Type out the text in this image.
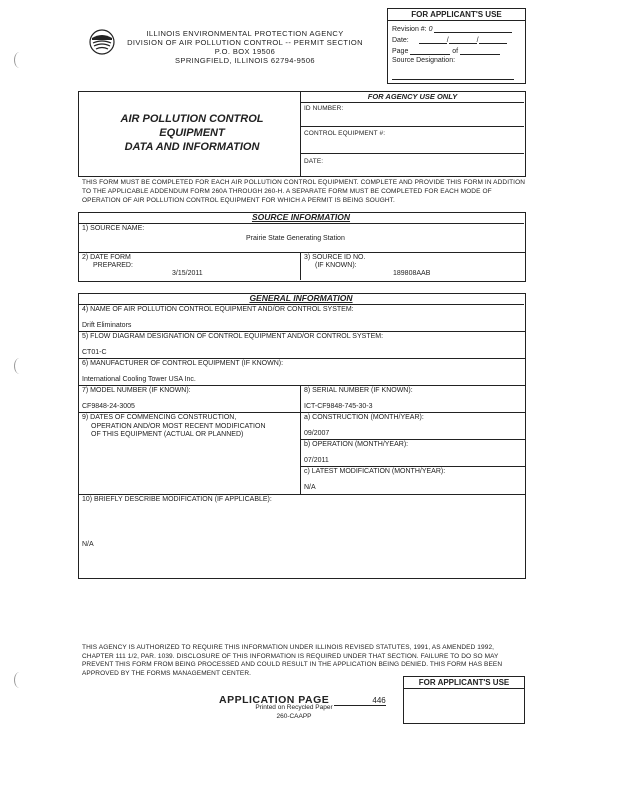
ILLINOIS ENVIRONMENTAL PROTECTION AGENCY
DIVISION OF AIR POLLUTION CONTROL -- PERMIT SECTION
P.O. BOX 19506
SPRINGFIELD, ILLINOIS 62794-9506
FOR APPLICANT'S USE
Revision #: 0
Date:	/	/
Page	of
Source Designation:
AIR POLLUTION CONTROL
EQUIPMENT
DATA AND INFORMATION
FOR AGENCY USE ONLY
ID NUMBER:
CONTROL EQUIPMENT #:
DATE:
THIS FORM MUST BE COMPLETED FOR EACH AIR POLLUTION CONTROL EQUIPMENT. COMPLETE AND PROVIDE THIS FORM IN ADDITION TO THE APPLICABLE ADDENDUM FORM 260A THROUGH 260-H. A SEPARATE FORM MUST BE COMPLETED FOR EACH MODE OF OPERATION OF AIR POLLUTION CONTROL EQUIPMENT FOR WHICH A PERMIT IS BEING SOUGHT.
SOURCE INFORMATION
1) SOURCE NAME:
Prairie State Generating Station
2) DATE FORM
PREPARED:
3/15/2011
3) SOURCE ID NO.
(IF KNOWN):
189808AAB
GENERAL INFORMATION
4) NAME OF AIR POLLUTION CONTROL EQUIPMENT AND/OR CONTROL SYSTEM:
Drift Eliminators
5) FLOW DIAGRAM DESIGNATION OF CONTROL EQUIPMENT AND/OR CONTROL SYSTEM:
CT01-C
6) MANUFACTURER OF CONTROL EQUIPMENT (IF KNOWN):
International Cooling Tower USA Inc.
7) MODEL NUMBER (IF KNOWN):
CF9848-24-3005
8) SERIAL NUMBER (IF KNOWN):
ICT-CF9848-745-30-3
9) DATES OF COMMENCING CONSTRUCTION,
OPERATION AND/OR MOST RECENT MODIFICATION
OF THIS EQUIPMENT (ACTUAL OR PLANNED)
a) CONSTRUCTION (MONTH/YEAR):
09/2007
b) OPERATION (MONTH/YEAR):
07/2011
c) LATEST MODIFICATION (MONTH/YEAR):
N/A
10) BRIEFLY DESCRIBE MODIFICATION (IF APPLICABLE):
N/A
THIS AGENCY IS AUTHORIZED TO REQUIRE THIS INFORMATION UNDER ILLINOIS REVISED STATUTES, 1991, AS AMENDED 1992, CHAPTER 111 1/2, PAR. 1039. DISCLOSURE OF THIS INFORMATION IS REQUIRED UNDER THAT SECTION. FAILURE TO DO SO MAY PREVENT THIS FORM FROM BEING PROCESSED AND COULD RESULT IN THE APPLICATION BEING DENIED. THIS FORM HAS BEEN APPROVED BY THE FORMS MANAGEMENT CENTER.
FOR APPLICANT'S USE
APPLICATION PAGE	446
Printed on Recycled Paper
260-CAAPP
